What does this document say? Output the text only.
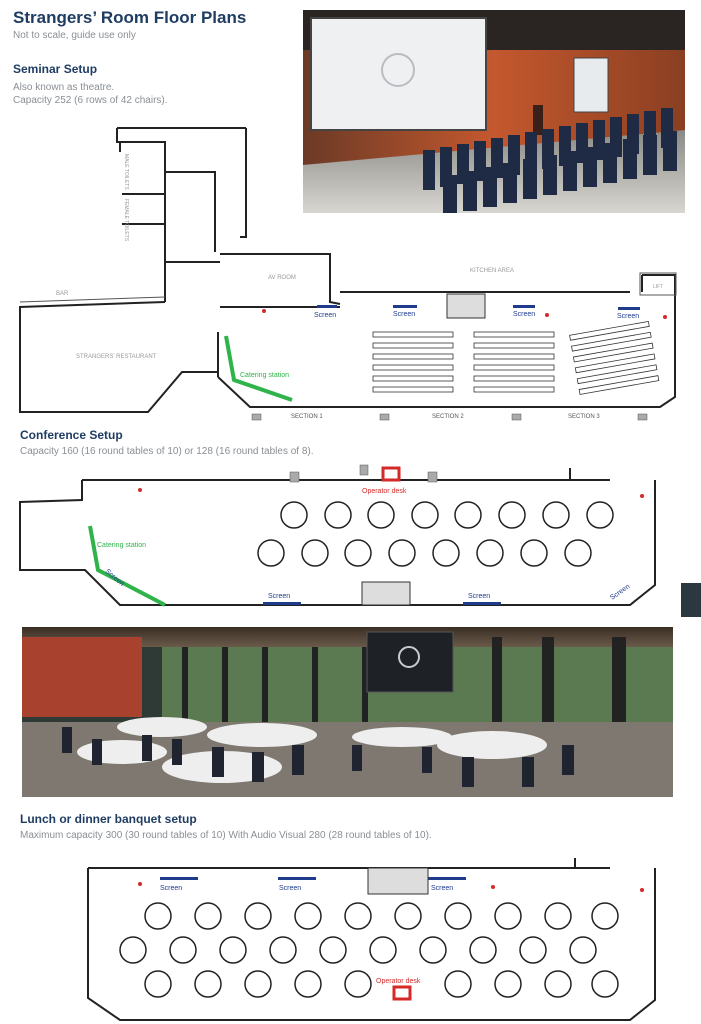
Strangers’ Room Floor Plans
Not to scale, guide use only
Seminar Setup
Also known as theatre.
Capacity 252 (6 rows of 42 chairs).
MALE TOILETS
FEMALE TOILETS
AV ROOM
KITCHEN AREA
BAR
STRANGERS’ RESTAURANT
LIFT
Catering station
Screen	Screen	Screen	Screen
SECTION 1	SECTION 2	SECTION 3
Conference Setup
Capacity 160 (16 round tables of 10) or 128 (16 round tables of 8).
Operator desk
Catering station
Screen	Screen
Screen
Screen
Lunch or dinner banquet setup
Maximum capacity 300 (30 round tables of 10) With Audio Visual 280 (28 round tables of 10).
Screen	Screen	Screen
Operator desk
